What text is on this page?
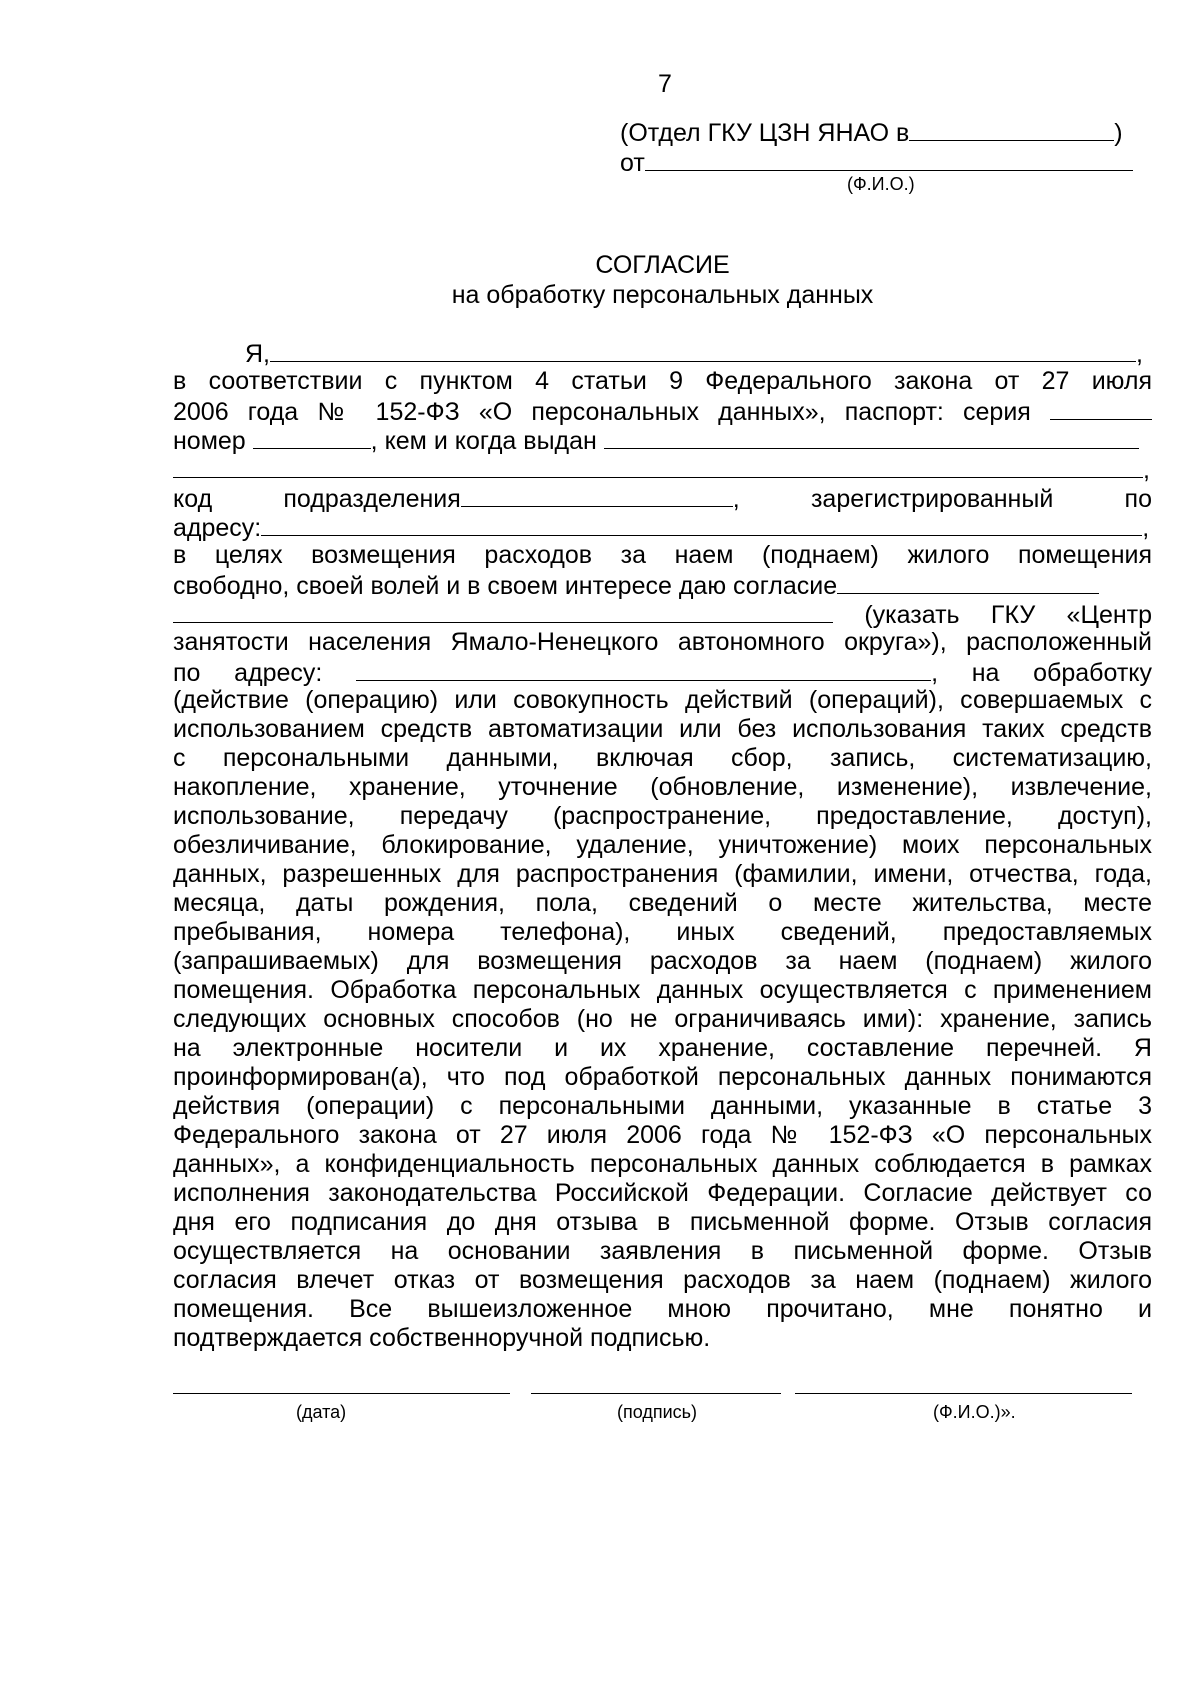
7
(Отдел ГКУ ЦЗН ЯНАО в	)
от
(Ф.И.О.)
СОГЛАСИЕ
на обработку персональных данных
Я,	,
в соответствии с пунктом 4 статьи 9 Федерального закона от 27 июля
2006 года № 152-ФЗ «О персональных данных», паспорт: серия
номер	, кем и когда выдан
,
код подразделения	, зарегистрированный по
адресу:	,
в целях возмещения расходов за наем (поднаем) жилого помещения
свободно, своей волей и в своем интересе даю согласие
(указать ГКУ «Центр
занятости населения Ямало-Ненецкого автономного округа»), расположенный
по адресу:	, на обработку
(действие (операцию) или совокупность действий (операций), совершаемых с
использованием средств автоматизации или без использования таких средств
с персональными данными, включая сбор, запись, систематизацию,
накопление, хранение, уточнение (обновление, изменение), извлечение,
использование, передачу (распространение, предоставление, доступ),
обезличивание, блокирование, удаление, уничтожение) моих персональных
данных, разрешенных для распространения (фамилии, имени, отчества, года,
месяца, даты рождения, пола, сведений о месте жительства, месте
пребывания, номера телефона), иных сведений, предоставляемых
(запрашиваемых) для возмещения расходов за наем (поднаем) жилого
помещения. Обработка персональных данных осуществляется с применением
следующих основных способов (но не ограничиваясь ими): хранение, запись
на электронные носители и их хранение, составление перечней. Я
проинформирован(а), что под обработкой персональных данных понимаются
действия (операции) с персональными данными, указанные в статье 3
Федерального закона от 27 июля 2006 года № 152-ФЗ «О персональных
данных», а конфиденциальность персональных данных соблюдается в рамках
исполнения законодательства Российской Федерации. Согласие действует со
дня его подписания до дня отзыва в письменной форме. Отзыв согласия
осуществляется на основании заявления в письменной форме. Отзыв
согласия влечет отказ от возмещения расходов за наем (поднаем) жилого
помещения. Все вышеизложенное мною прочитано, мне понятно и
подтверждается собственноручной подписью.
(дата)	(подпись)	(Ф.И.О.)».
